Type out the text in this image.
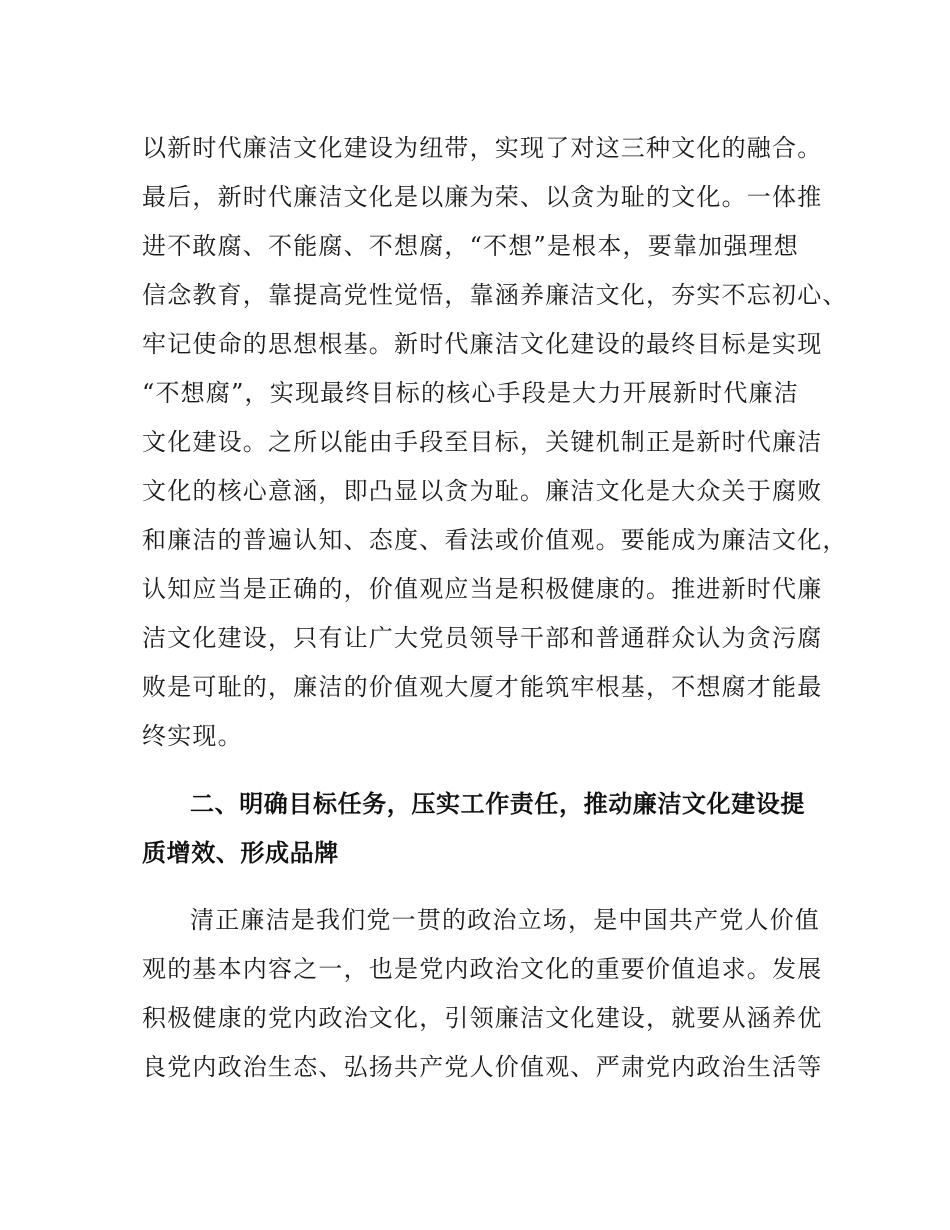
以新时代廉洁文化建设为纽带，实现了对这三种文化的融合。
最后，新时代廉洁文化是以廉为荣、以贪为耻的文化。一体推
进不敢腐、不能腐、不想腐，“不想”是根本，要靠加强理想
信念教育，靠提高党性觉悟，靠涵养廉洁文化，夯实不忘初心、
牢记使命的思想根基。新时代廉洁文化建设的最终目标是实现
“不想腐”，实现最终目标的核心手段是大力开展新时代廉洁
文化建设。之所以能由手段至目标，关键机制正是新时代廉洁
文化的核心意涵，即凸显以贪为耻。廉洁文化是大众关于腐败
和廉洁的普遍认知、态度、看法或价值观。要能成为廉洁文化，
认知应当是正确的，价值观应当是积极健康的。推进新时代廉
洁文化建设，只有让广大党员领导干部和普通群众认为贪污腐
败是可耻的，廉洁的价值观大厦才能筑牢根基，不想腐才能最
终实现。
二、明确目标任务，压实工作责任，推动廉洁文化建设提
质增效、形成品牌
清正廉洁是我们党一贯的政治立场，是中国共产党人价值
观的基本内容之一，也是党内政治文化的重要价值追求。发展
积极健康的党内政治文化，引领廉洁文化建设，就要从涵养优
良党内政治生态、弘扬共产党人价值观、严肃党内政治生活等
